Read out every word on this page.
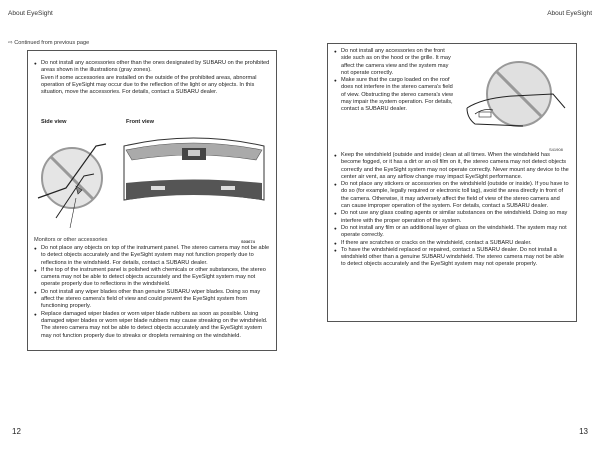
About EyeSight
⇨ Continued from previous page
● Do not install any accessories other than the ones designated by SUBARU on the prohibited areas shown in the illustrations (gray zones).
Even if some accessories are installed on the outside of the prohibited areas, abnormal operation of EyeSight may occur due to the reflection of the light or any objects. In this situation, move the accessories. For details, contact a SUBARU dealer.
Side view	Front view
Monitors or other accessories	S03674
● Do not place any objects on top of the instrument panel. The stereo camera may not be able to detect objects accurately and the EyeSight system may not function properly due to reflections in the windshield. For details, contact a SUBARU dealer.
● If the top of the instrument panel is polished with chemicals or other substances, the stereo camera may not be able to detect objects accurately and the EyeSight system may not operate properly due to reflections in the windshield.
● Do not install any wiper blades other than genuine SUBARU wiper blades. Doing so may affect the stereo camera's field of view and could prevent the EyeSight system from functioning properly.
● Replace damaged wiper blades or worn wiper blade rubbers as soon as possible. Using damaged wiper blades or worn wiper blade rubbers may cause streaking on the windshield. The stereo camera may not be able to detect objects accurately and the EyeSight system may not function properly due to streaks or droplets remaining on the windshield.
12
About EyeSight
● Do not install any accessories on the front side such as on the hood or the grille. It may affect the camera view and the system may not operate correctly.
● Make sure that the cargo loaded on the roof does not interfere in the stereo camera's field of view. Obstructing the stereo camera's view may impair the system operation. For details, contact a SUBARU dealer.
S41908
● Keep the windshield (outside and inside) clean at all times. When the windshield has become fogged, or it has a dirt or an oil film on it, the stereo camera may not detect objects correctly and the EyeSight system may not operate correctly. Never mount any device to the center air vent, as any airflow change may impact EyeSight performance.
● Do not place any stickers or accessories on the windshield (outside or inside). If you have to do so (for example, legally required or electronic toll tag), avoid the area directly in front of the camera. Otherwise, it may adversely affect the field of view of the stereo camera and can cause improper operation of the system. For details, contact a SUBARU dealer.
● Do not use any glass coating agents or similar substances on the windshield. Doing so may interfere with the proper operation of the system.
● Do not install any film or an additional layer of glass on the windshield. The system may not operate correctly.
● If there are scratches or cracks on the windshield, contact a SUBARU dealer.
● To have the windshield replaced or repaired, contact a SUBARU dealer. Do not install a windshield other than a genuine SUBARU windshield. The stereo camera may not be able to detect objects accurately and the EyeSight system may not operate properly.
13
